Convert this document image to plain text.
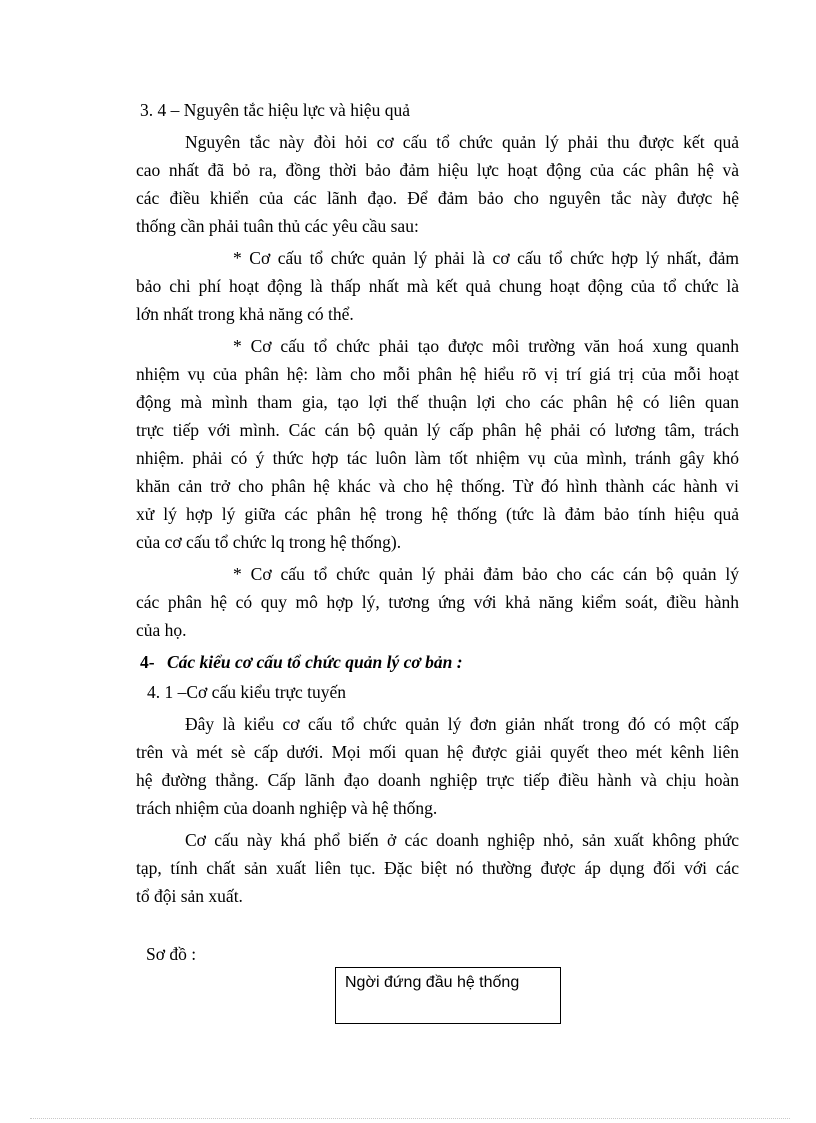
3. 4 – Nguyên tắc hiệu lực và hiệu quả
Nguyên tắc này đòi hỏi cơ cấu tổ chức quản lý phải thu được kết quả
cao nhất đã bỏ ra, đồng thời bảo đảm hiệu lực hoạt động của các phân hệ và
các điều khiển của các lãnh đạo. Để đảm bảo cho nguyên tắc này được hệ
thống cần phải tuân thủ các yêu cầu sau:
* Cơ cấu tổ chức quản lý phải là cơ cấu tổ chức hợp lý nhất, đảm
bảo chi phí hoạt động là thấp nhất mà kết quả chung hoạt động của tổ chức là
lớn nhất trong khả năng có thể.
* Cơ cấu tổ chức phải tạo được môi trường văn hoá xung quanh
nhiệm vụ của phân hệ: làm cho mỗi phân hệ hiểu rõ vị trí giá trị của mỗi hoạt
động mà mình tham gia, tạo lợi thế thuận lợi cho các phân hệ có liên quan
trực tiếp với mình. Các cán bộ quản lý cấp phân hệ phải có lương tâm, trách
nhiệm. phải có ý thức hợp tác luôn làm tốt nhiệm vụ của mình, tránh gây khó
khăn cản trở cho phân hệ khác và cho hệ thống. Từ đó hình thành các hành vi
xử lý hợp lý giữa các phân hệ trong hệ thống (tức là đảm bảo tính hiệu quả
của cơ cấu tổ chức lq trong hệ thống).
* Cơ cấu tổ chức quản lý phải đảm bảo cho các cán bộ quản lý
các phân hệ có quy mô hợp lý, tương ứng với khả năng kiểm soát, điều hành
của họ.
4- Các kiểu cơ cấu tổ chức quản lý cơ bản :
4. 1 –Cơ cấu kiểu trực tuyến
Đây là kiểu cơ cấu tổ chức quản lý đơn giản nhất trong đó có một cấp
trên và mét sè cấp dưới. Mọi mối quan hệ được giải quyết theo mét kênh liên
hệ đường thẳng. Cấp lãnh đạo doanh nghiệp trực tiếp điều hành và chịu hoàn
trách nhiệm của doanh nghiệp và hệ thống.
Cơ cấu này khá phổ biến ở các doanh nghiệp nhỏ, sản xuất không phức
tạp, tính chất sản xuất liên tục. Đặc biệt nó thường được áp dụng đối với các
tổ đội sản xuất.
Sơ đồ :
Ngời đứng đầu hệ thống
